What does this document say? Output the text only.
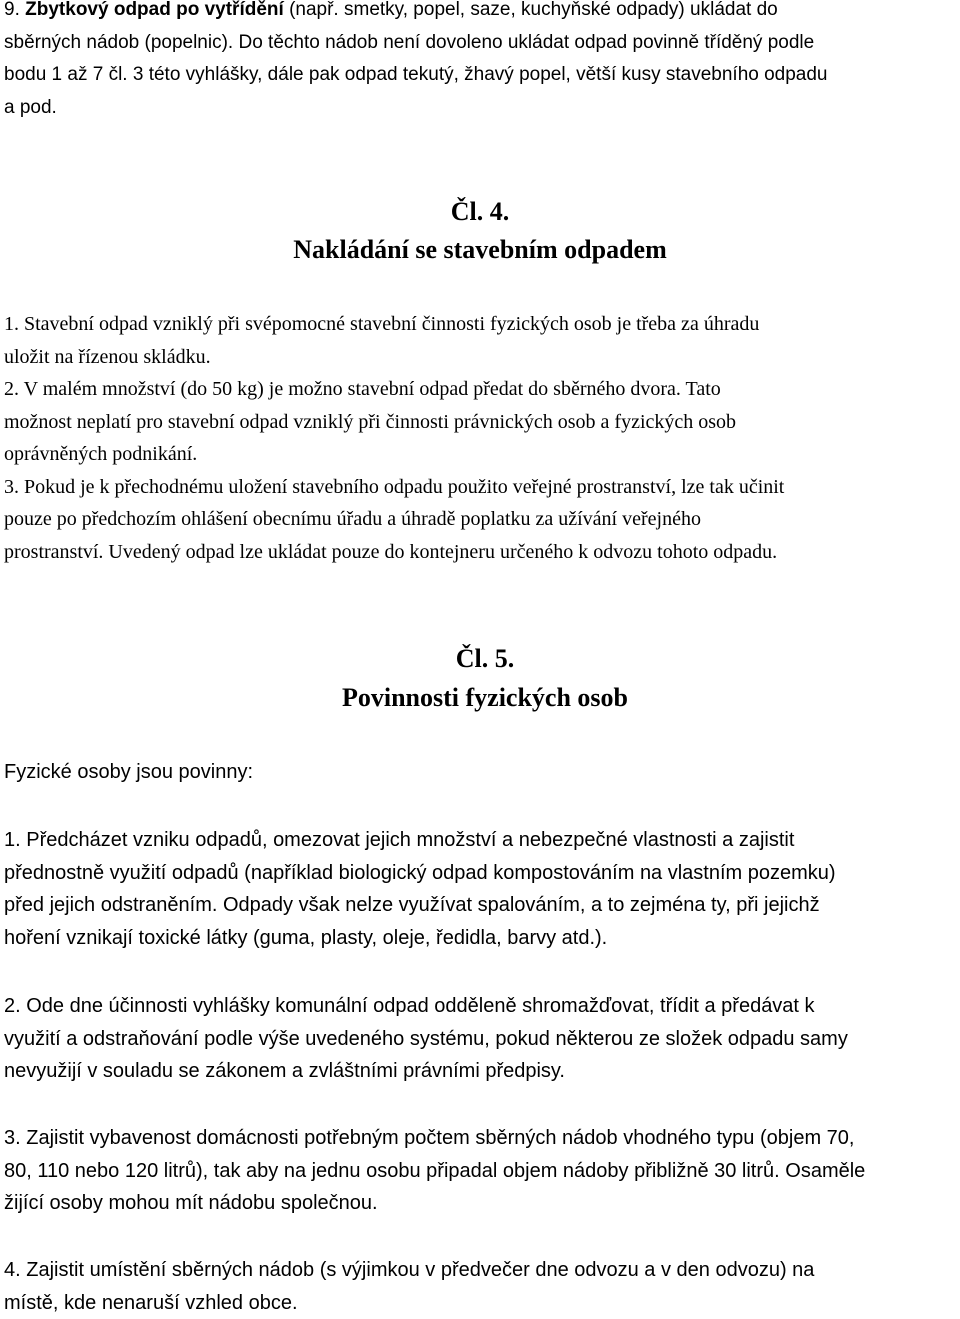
9. Zbytkový odpad po vytřídění (např. smetky, popel, saze, kuchyňské odpady) ukládat do
sběrných nádob (popelnic). Do těchto nádob není dovoleno ukládat odpad povinně tříděný podle
bodu 1 až 7 čl. 3 této vyhlášky, dále pak odpad tekutý, žhavý popel, větší kusy stavebního odpadu
a pod.
Čl. 4.
Nakládání se stavebním odpadem
1. Stavební odpad vzniklý při svépomocné stavební činnosti fyzických osob je třeba za úhradu
uložit na řízenou skládku.
2. V malém množství (do 50 kg) je možno stavební odpad předat do sběrného dvora. Tato
možnost neplatí pro stavební odpad vzniklý při činnosti právnických osob a fyzických osob
oprávněných podnikání.
3. Pokud je k přechodnému uložení stavebního odpadu použito veřejné prostranství, lze tak učinit
pouze po předchozím ohlášení obecnímu úřadu a úhradě poplatku za užívání veřejného
prostranství. Uvedený odpad lze ukládat pouze do kontejneru určeného k odvozu tohoto odpadu.
Čl. 5.
Povinnosti fyzických osob
Fyzické osoby jsou povinny:
1. Předcházet vzniku odpadů, omezovat jejich množství a nebezpečné vlastnosti a zajistit
přednostně využití odpadů (například biologický odpad kompostováním na vlastním pozemku)
před jejich odstraněním. Odpady však nelze využívat spalováním, a to zejména ty, při jejichž
hoření vznikají toxické látky (guma, plasty, oleje, ředidla, barvy atd.).
2. Ode dne účinnosti vyhlášky komunální odpad odděleně shromažďovat, třídit a předávat k
využití a odstraňování podle výše uvedeného systému, pokud některou ze složek odpadu samy
nevyužijí v souladu se zákonem a zvláštními právními předpisy.
3. Zajistit vybavenost domácnosti potřebným počtem sběrných nádob vhodného typu (objem 70,
80, 110 nebo 120 litrů), tak aby na jednu osobu připadal objem nádoby přibližně 30 litrů. Osaměle
žijící osoby mohou mít nádobu společnou.
4. Zajistit umístění sběrných nádob (s výjimkou v předvečer dne odvozu a v den odvozu) na
místě, kde nenaruší vzhled obce.
